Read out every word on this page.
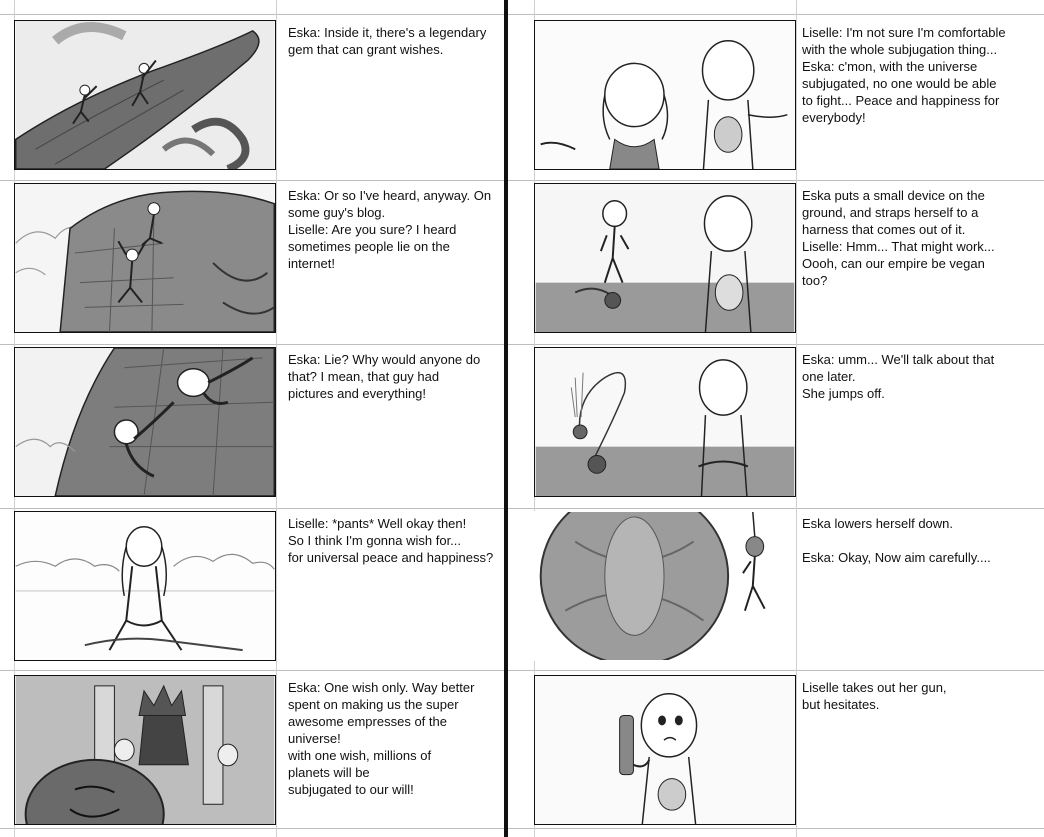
Eska: Inside it, there's a legendary
gem that can grant wishes.
Eska: Or so I've heard, anyway. On
some guy's blog.
Liselle: Are you sure? I heard
sometimes people lie on the
internet!
Eska: Lie? Why would anyone do
that? I mean, that guy had
pictures and everything!
Liselle: *pants* Well okay then!
So I think I'm gonna wish for...
for universal peace and happiness?
Eska: One wish only. Way better
spent on making us the super
awesome empresses of the
universe!
with one wish, millions of
planets will be
subjugated to our will!
Liselle: I'm not sure I'm comfortable
with the whole subjugation thing...
Eska: c'mon, with the universe
subjugated, no one would be able
to fight... Peace and happiness for
everybody!
Eska puts a small device on the
ground, and straps herself to a
harness that comes out of it.
Liselle: Hmm... That might work...
Oooh, can our empire be vegan
too?
Eska: umm... We'll talk about that
one later.
She jumps off.
Eska lowers herself down.

Eska: Okay, Now aim carefully....
Liselle takes out her gun,
but hesitates.
